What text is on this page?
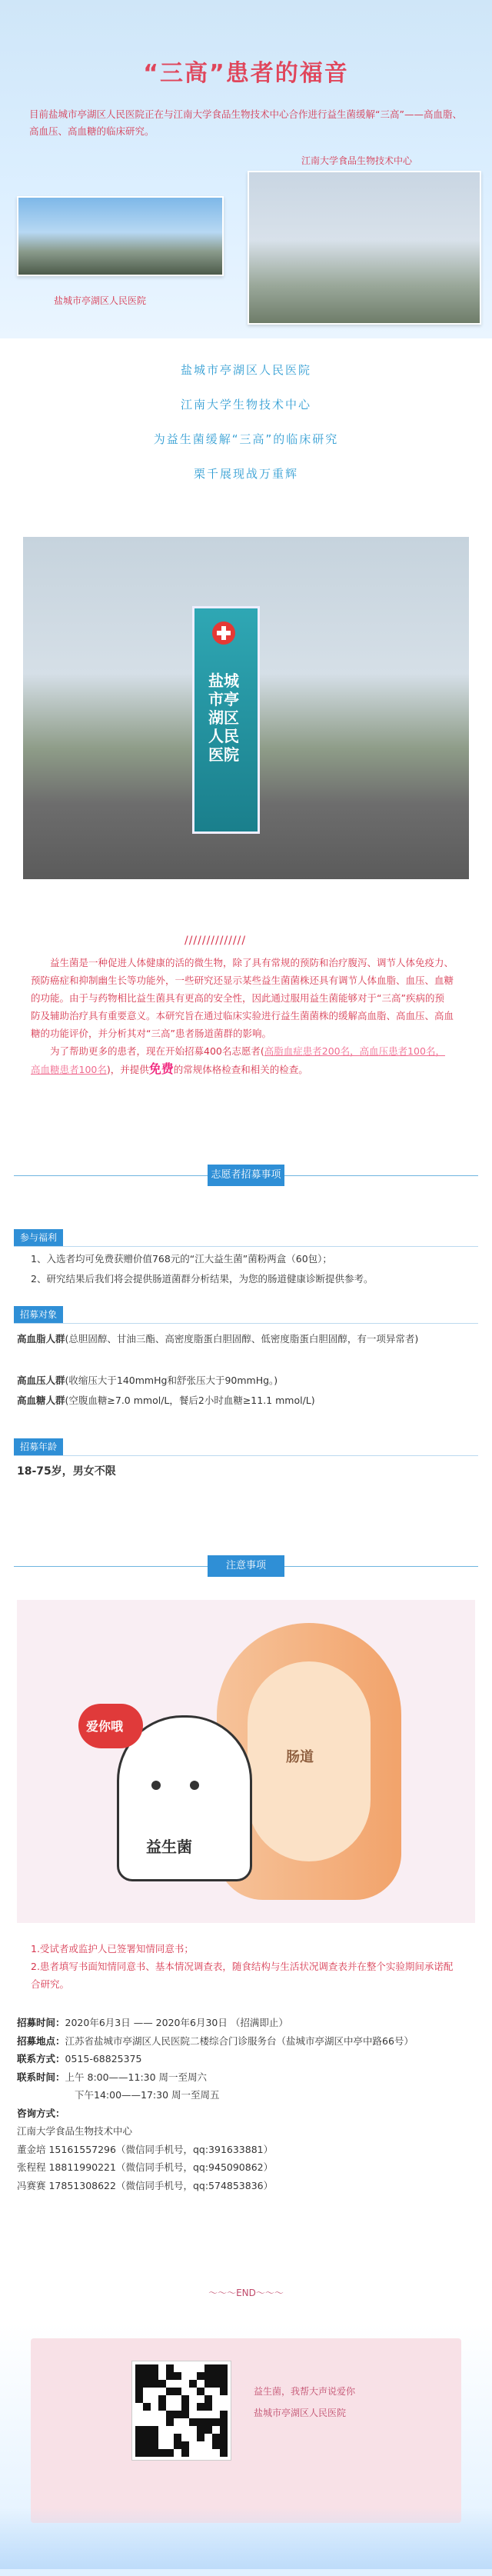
“三高”患者的福音
目前盐城市亭湖区人民医院正在与江南大学食品生物技术中心合作进行益生菌缓解“三高”——高血脂、高血压、高血糖的临床研究。
盐城市亭湖区人民医院
江南大学食品生物技术中心
盐城市亭湖区人民医院
江南大学生物技术中心
为益生菌缓解“三高”的临床研究
栗千展现战万重辉
盐城市亭湖区人民医院
//////////////
益生菌是一种促进人体健康的活的微生物，除了具有常规的预防和治疗腹泻、调节人体免疫力、预防癌症和抑制幽生长等功能外，一些研究还显示某些益生菌菌株还具有调节人体血脂、血压、血糖的功能。由于与药物相比益生菌具有更高的安全性，因此通过服用益生菌能够对于“三高”疾病的预防及辅助治疗具有重要意义。本研究旨在通过临床实验进行益生菌菌株的缓解高血脂、高血压、高血糖的功能评价，并分析其对“三高”患者肠道菌群的影响。
为了帮助更多的患者，现在开始招募400名志愿者(高脂血症患者200名，高血压患者100名，高血糖患者100名)，并提供免费的常规体格检查和相关的检查。
志愿者招募事项
参与福利
1、入选者均可免费获赠价值768元的“江大益生菌”菌粉两盒（60包）；
2、研究结果后我们将会提供肠道菌群分析结果，为您的肠道健康诊断提供参考。
招募对象
高血脂人群(总胆固醇、甘油三酯、高密度脂蛋白胆固醇、低密度脂蛋白胆固醇，有一项异常者)
高血压人群(收缩压大于140mmHg和舒张压大于90mmHg。)
高血糖人群(空腹血糖≥7.0 mmol/L，餐后2小时血糖≥11.1 mmol/L)
招募年龄
18-75岁，男女不限
注意事项
爱你哦
益生菌
肠道
1.受试者或监护人已签署知情同意书；
2.患者填写书面知情同意书、基本情况调查表，随食结构与生活状况调查表并在整个实验期间承诺配合研究。
招募时间：2020年6月3日 —— 2020年6月30日 （招满即止）
招募地点：江苏省盐城市亭湖区人民医院二楼综合门诊服务台（盐城市亭湖区中亭中路66号）
联系方式：0515-68825375
联系时间：上午 8:00——11:30 周一至周六
下午14:00——17:30 周一至周五
咨询方式：
江南大学食品生物技术中心
董金培 15161557296（微信同手机号，qq:391633881）
张程程 18811990221（微信同手机号，qq:945090862）
冯赛赛 17851308622（微信同手机号，qq:574853836）
～～～END～～～
益生菌，我帮大声说爱你
盐城市亭湖区人民医院
